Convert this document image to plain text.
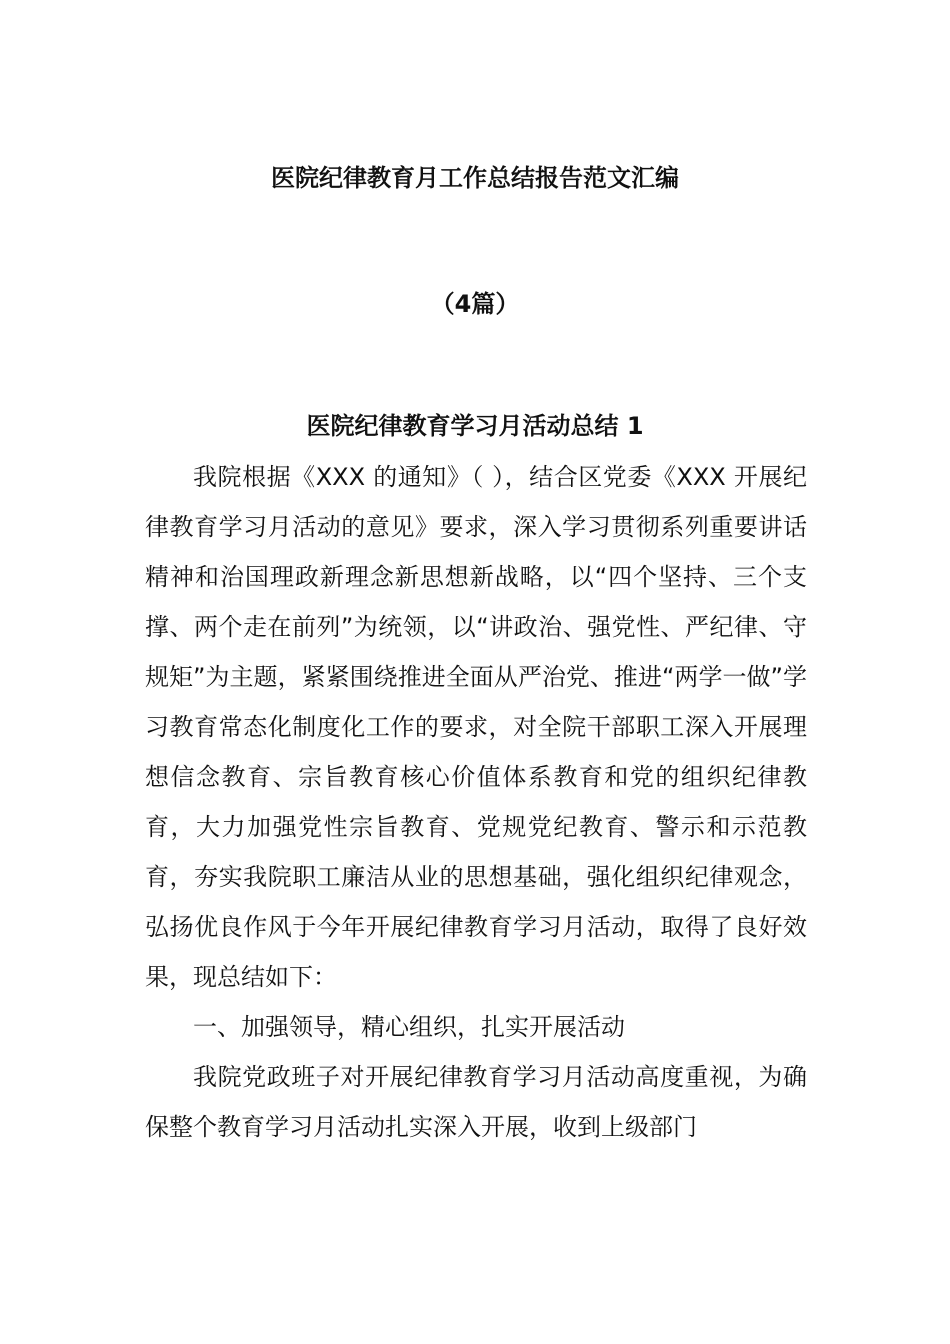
医院纪律教育月工作总结报告范文汇编
（4篇）
医院纪律教育学习月活动总结 1

我院根据《XXX 的通知》（ ），结合区党委《XXX 开展纪律教育学习月活动的意见》要求，深入学习贯彻系列重要讲话精神和治国理政新理念新思想新战略，以“四个坚持、三个支撑、两个走在前列”为统领，以“讲政治、强党性、严纪律、守规矩”为主题，紧紧围绕推进全面从严治党、推进“两学一做”学习教育常态化制度化工作的要求，对全院干部职工深入开展理想信念教育、宗旨教育核心价值体系教育和党的组织纪律教育，大力加强党性宗旨教育、党规党纪教育、警示和示范教育，夯实我院职工廉洁从业的思想基础，强化组织纪律观念，弘扬优良作风于今年开展纪律教育学习月活动，取得了良好效果，现总结如下：

一、加强领导，精心组织，扎实开展活动

我院党政班子对开展纪律教育学习月活动高度重视，为确保整个教育学习月活动扎实深入开展，收到上级部门
